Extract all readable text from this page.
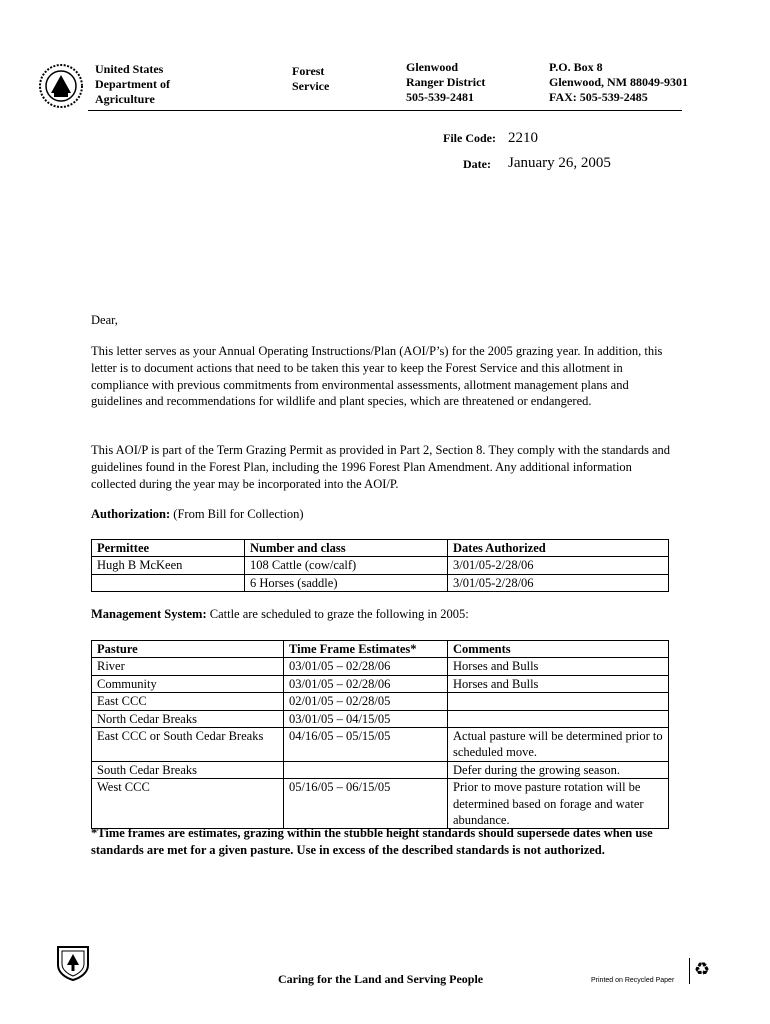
United States
Department of
Agriculture
Forest
Service
Glenwood
Ranger District
505-539-2481
P.O. Box 8
Glenwood, NM 88049-9301
FAX: 505-539-2485
File Code: 2210
Date: January 26, 2005

Dear,

This letter serves as your Annual Operating Instructions/Plan (AOI/P’s) for the 2005 grazing year. In addition, this letter is to document actions that need to be taken this year to keep the Forest Service and this allotment in compliance with previous commitments from environmental assessments, allotment management plans and guidelines and recommendations for wildlife and plant species, which are threatened or endangered.

This AOI/P is part of the Term Grazing Permit as provided in Part 2, Section 8. They comply with the standards and guidelines found in the Forest Plan, including the 1996 Forest Plan Amendment. Any additional information collected during the year may be incorporated into the AOI/P.

Authorization: (From Bill for Collection)
Permittee	Number and class	Dates Authorized
Hugh B McKeen	108 Cattle (cow/calf)	3/01/05-2/28/06
	6 Horses (saddle)	3/01/05-2/28/06
Management System: Cattle are scheduled to graze the following in 2005:
Pasture	Time Frame Estimates*	Comments
River	03/01/05 – 02/28/06	Horses and Bulls
Community	03/01/05 – 02/28/06	Horses and Bulls
East CCC	02/01/05 – 02/28/05	
North Cedar Breaks	03/01/05 – 04/15/05	
East CCC or South Cedar Breaks	04/16/05 – 05/15/05	Actual pasture will be determined prior to scheduled move.
South Cedar Breaks		Defer during the growing season.
West CCC	05/16/05 – 06/15/05	Prior to move pasture rotation will be determined based on forage and water abundance.
*Time frames are estimates, grazing within the stubble height standards should supersede dates when use standards are met for a given pasture. Use in excess of the described standards is not authorized.
Caring for the Land and Serving People	Printed on Recycled Paper
♻
